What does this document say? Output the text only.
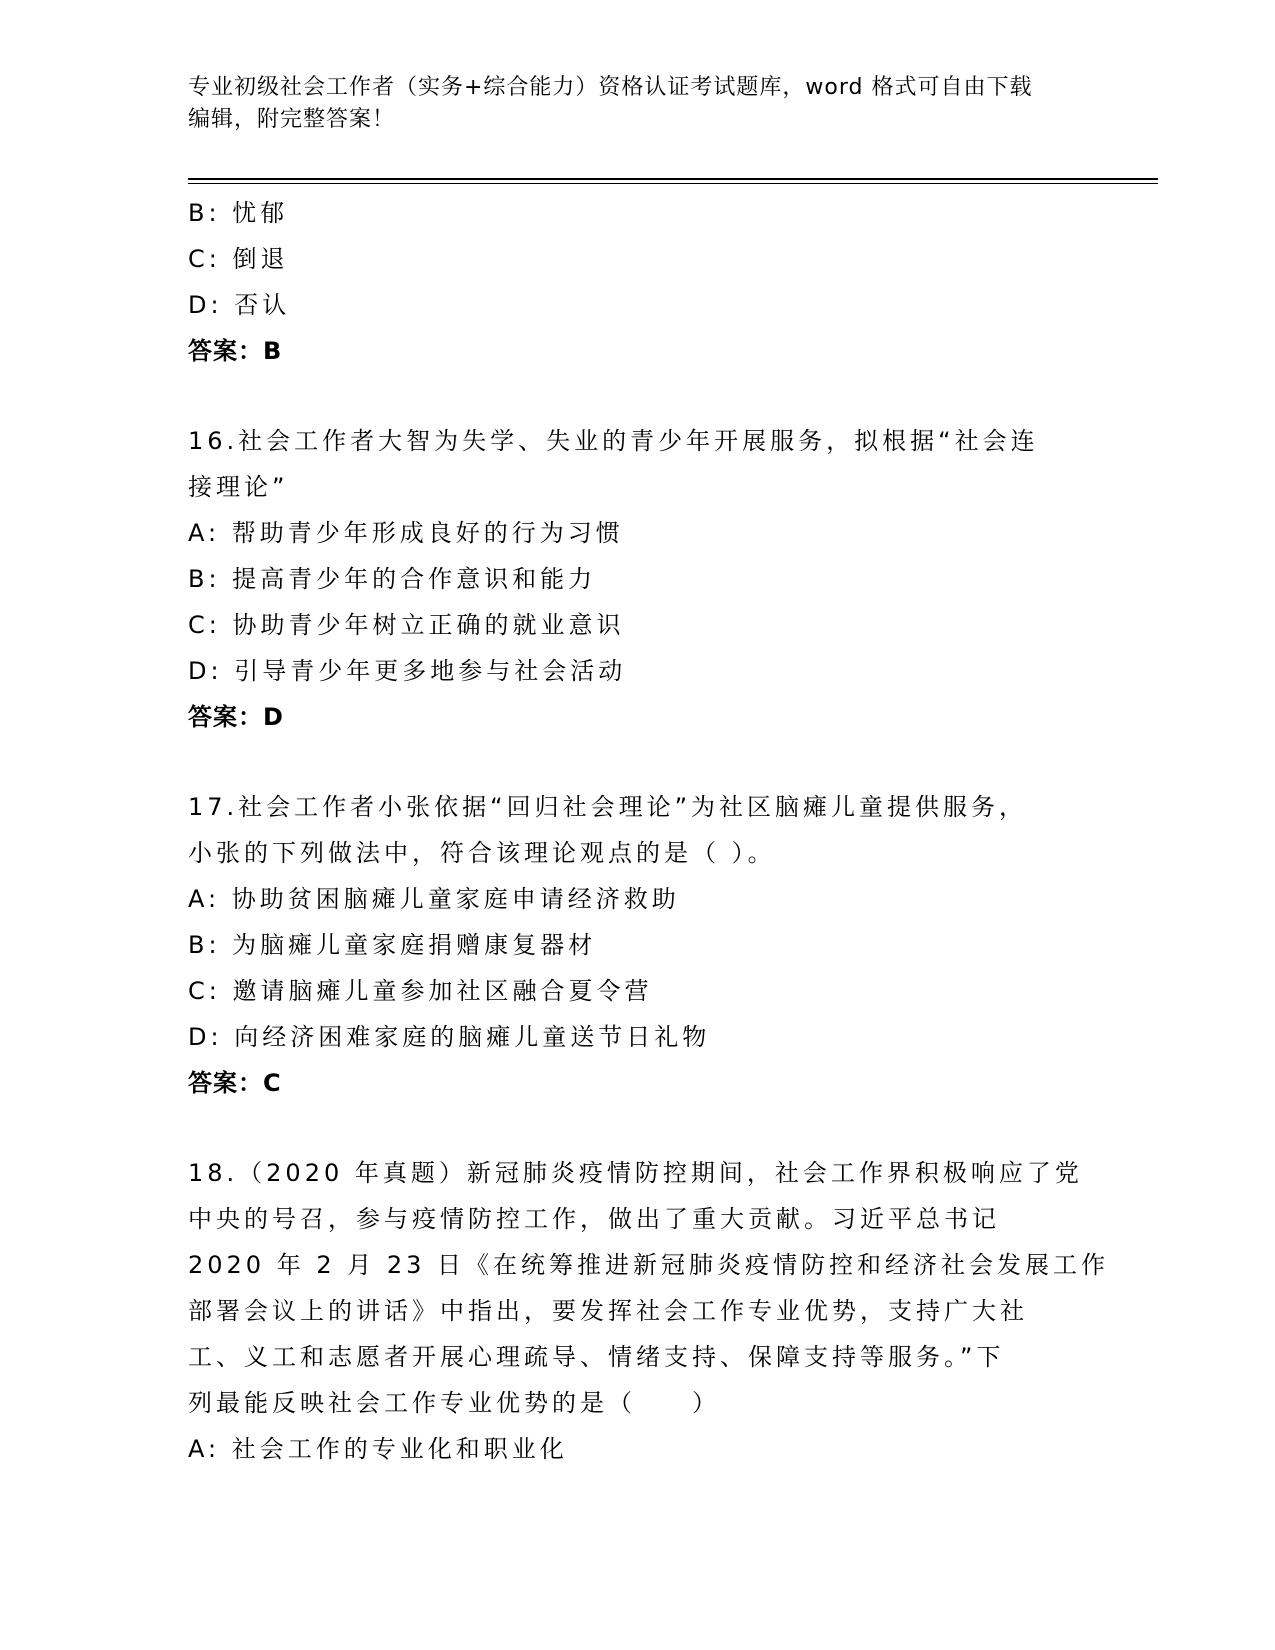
专业初级社会工作者（实务+综合能力）资格认证考试题库，word 格式可自由下载
编辑，附完整答案！
B: 忧郁
C: 倒退
D: 否认
答案：B
16.社会工作者大智为失学、失业的青少年开展服务，拟根据“社会连
接理论”
A: 帮助青少年形成良好的行为习惯
B: 提高青少年的合作意识和能力
C: 协助青少年树立正确的就业意识
D: 引导青少年更多地参与社会活动
答案：D
17.社会工作者小张依据“回归社会理论”为社区脑瘫儿童提供服务，
小张的下列做法中，符合该理论观点的是（ ）。
A: 协助贫困脑瘫儿童家庭申请经济救助
B: 为脑瘫儿童家庭捐赠康复器材
C: 邀请脑瘫儿童参加社区融合夏令营
D: 向经济困难家庭的脑瘫儿童送节日礼物
答案：C
18.（2020 年真题）新冠肺炎疫情防控期间，社会工作界积极响应了党
中央的号召，参与疫情防控工作，做出了重大贡献。习近平总书记
2020 年 2 月 23 日《在统筹推进新冠肺炎疫情防控和经济社会发展工作
部署会议上的讲话》中指出，要发挥社会工作专业优势，支持广大社
工、义工和志愿者开展心理疏导、情绪支持、保障支持等服务。”下
列最能反映社会工作专业优势的是（　　）
A: 社会工作的专业化和职业化
